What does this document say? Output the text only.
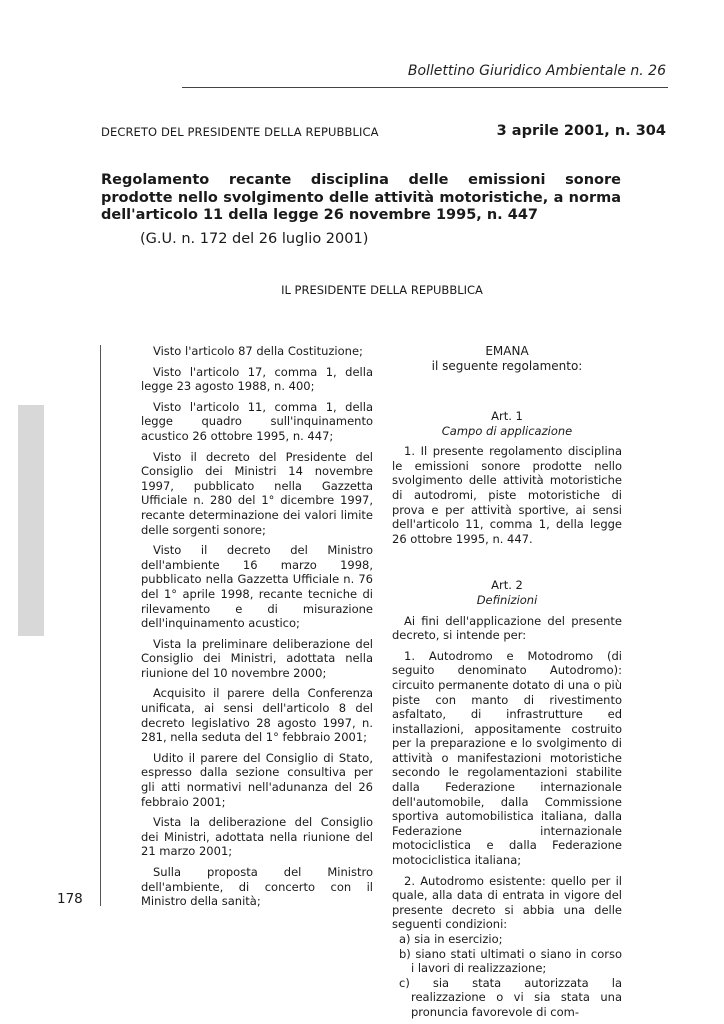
Bollettino Giuridico Ambientale n. 26
DECRETO DEL PRESIDENTE DELLA REPUBBLICA	3 aprile 2001, n. 304
Regolamento recante disciplina delle emissioni sonore prodotte nello svolgimento delle attività motoristiche, a norma dell'articolo 11 della legge 26 novembre 1995, n. 447
(G.U. n. 172 del 26 luglio 2001)
IL PRESIDENTE DELLA REPUBBLICA
178

Visto l'articolo 87 della Costituzione;

Visto l'articolo 17, comma 1, della legge 23 agosto 1988, n. 400;

Visto l'articolo 11, comma 1, della legge quadro sull'inquinamento acustico 26 ottobre 1995, n. 447;

Visto il decreto del Presidente del Consiglio dei Ministri 14 novembre 1997, pubblicato nella Gazzetta Ufficiale n. 280 del 1° dicembre 1997, recante determinazione dei valori limite delle sorgenti sonore;

Visto il decreto del Ministro dell'ambiente 16 marzo 1998, pubblicato nella Gazzetta Ufficiale n. 76 del 1° aprile 1998, recante tecniche di rilevamento e di misurazione dell'inquinamento acustico;

Vista la preliminare deliberazione del Consiglio dei Ministri, adottata nella riunione del 10 novembre 2000;

Acquisito il parere della Conferenza unificata, ai sensi dell'articolo 8 del decreto legislativo 28 agosto 1997, n. 281, nella seduta del 1° febbraio 2001;

Udito il parere del Consiglio di Stato, espresso dalla sezione consultiva per gli atti normativi nell'adunanza del 26 febbraio 2001;

Vista la deliberazione del Consiglio dei Ministri, adottata nella riunione del 21 marzo 2001;

Sulla proposta del Ministro dell'ambiente, di concerto con il Ministro della sanità;

EMANA
il seguente regolamento:
Art. 1
Campo di applicazione

1. Il presente regolamento disciplina le emissioni sonore prodotte nello svolgimento delle attività motoristiche di autodromi, piste motoristiche di prova e per attività sportive, ai sensi dell'articolo 11, comma 1, della legge 26 ottobre 1995, n. 447.

Art. 2
Definizioni

Ai fini dell'applicazione del presente decreto, si intende per:

1. Autodromo e Motodromo (di seguito denominato Autodromo): circuito permanente dotato di una o più piste con manto di rivestimento asfaltato, di infrastrutture ed installazioni, appositamente costruito per la preparazione e lo svolgimento di attività o manifestazioni motoristiche secondo le regolamentazioni stabilite dalla Federazione internazionale dell'automobile, dalla Commissione sportiva automobilistica italiana, dalla Federazione internazionale motociclistica e dalla Federazione motociclistica italiana;

2. Autodromo esistente: quello per il quale, alla data di entrata in vigore del presente decreto si abbia una delle seguenti condizioni:

a) sia in esercizio;
b) siano stati ultimati o siano in corso i lavori di realizzazione;
c) sia stata autorizzata la realizzazione o vi sia stata una pronuncia favorevole di com-
